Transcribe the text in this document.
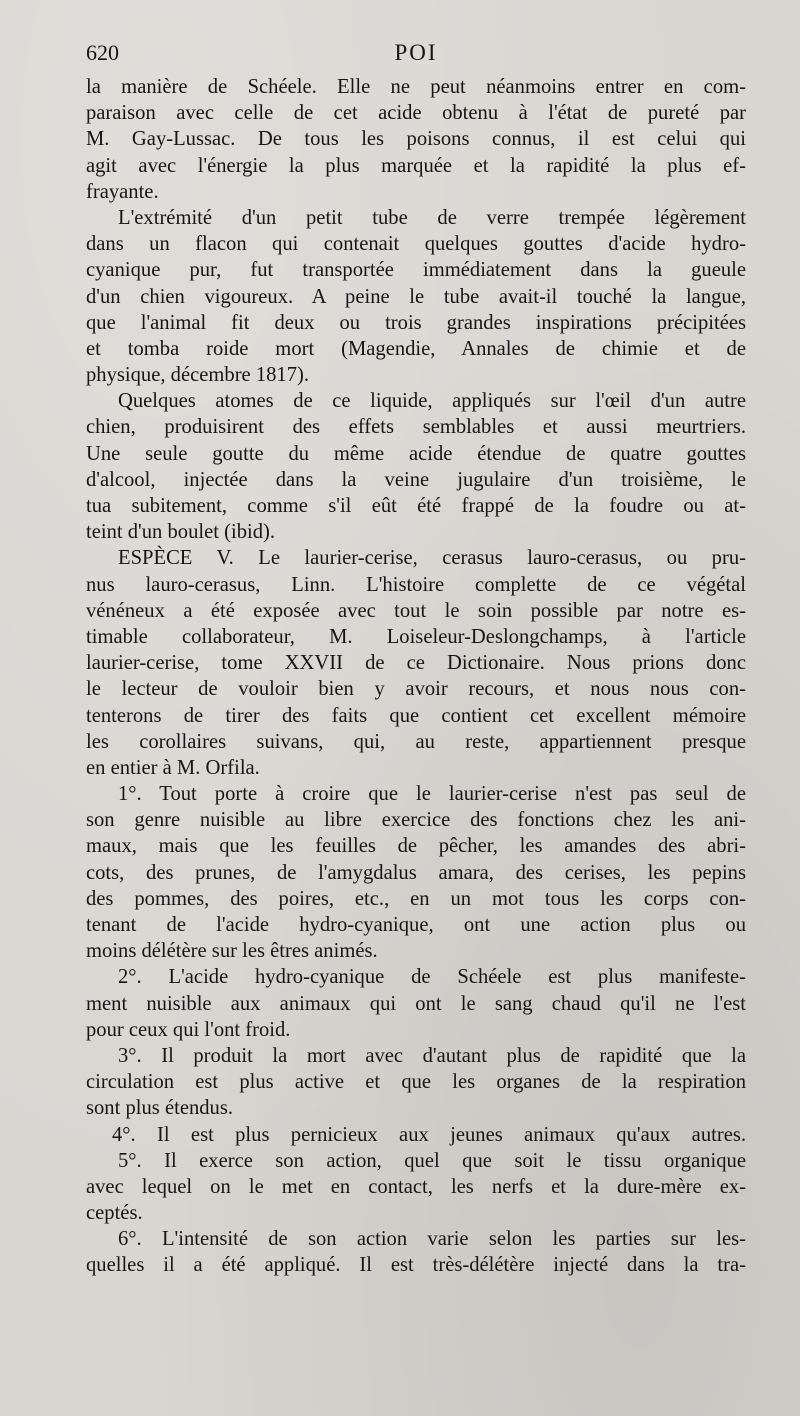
620	POI
la manière de Schéele. Elle ne peut néanmoins entrer en com-
paraison avec celle de cet acide obtenu à l'état de pureté par
M. Gay-Lussac. De tous les poisons connus, il est celui qui
agit avec l'énergie la plus marquée et la rapidité la plus ef-
frayante.
L'extrémité d'un petit tube de verre trempée légèrement
dans un flacon qui contenait quelques gouttes d'acide hydro-
cyanique pur, fut transportée immédiatement dans la gueule
d'un chien vigoureux. A peine le tube avait-il touché la langue,
que l'animal fit deux ou trois grandes inspirations précipitées
et tomba roide mort (Magendie, Annales de chimie et de
physique, décembre 1817).
Quelques atomes de ce liquide, appliqués sur l'œil d'un autre
chien, produisirent des effets semblables et aussi meurtriers.
Une seule goutte du même acide étendue de quatre gouttes
d'alcool, injectée dans la veine jugulaire d'un troisième, le
tua subitement, comme s'il eût été frappé de la foudre ou at-
teint d'un boulet (ibid).
ESPÈCE V. Le laurier-cerise, cerasus lauro-cerasus, ou pru-
nus lauro-cerasus, Linn. L'histoire complette de ce végétal
vénéneux a été exposée avec tout le soin possible par notre es-
timable collaborateur, M. Loiseleur-Deslongchamps, à l'article
laurier-cerise, tome XXVII de ce Dictionaire. Nous prions donc
le lecteur de vouloir bien y avoir recours, et nous nous con-
tenterons de tirer des faits que contient cet excellent mémoire
les corollaires suivans, qui, au reste, appartiennent presque
en entier à M. Orfila.
1°. Tout porte à croire que le laurier-cerise n'est pas seul de
son genre nuisible au libre exercice des fonctions chez les ani-
maux, mais que les feuilles de pêcher, les amandes des abri-
cots, des prunes, de l'amygdalus amara, des cerises, les pepins
des pommes, des poires, etc., en un mot tous les corps con-
tenant de l'acide hydro-cyanique, ont une action plus ou
moins délétère sur les êtres animés.
2°. L'acide hydro-cyanique de Schéele est plus manifeste-
ment nuisible aux animaux qui ont le sang chaud qu'il ne l'est
pour ceux qui l'ont froid.
3°. Il produit la mort avec d'autant plus de rapidité que la
circulation est plus active et que les organes de la respiration
sont plus étendus.
4°. Il est plus pernicieux aux jeunes animaux qu'aux autres.
5°. Il exerce son action, quel que soit le tissu organique
avec lequel on le met en contact, les nerfs et la dure-mère ex-
ceptés.
6°. L'intensité de son action varie selon les parties sur les-
quelles il a été appliqué. Il est très-délétère injecté dans la tra-
